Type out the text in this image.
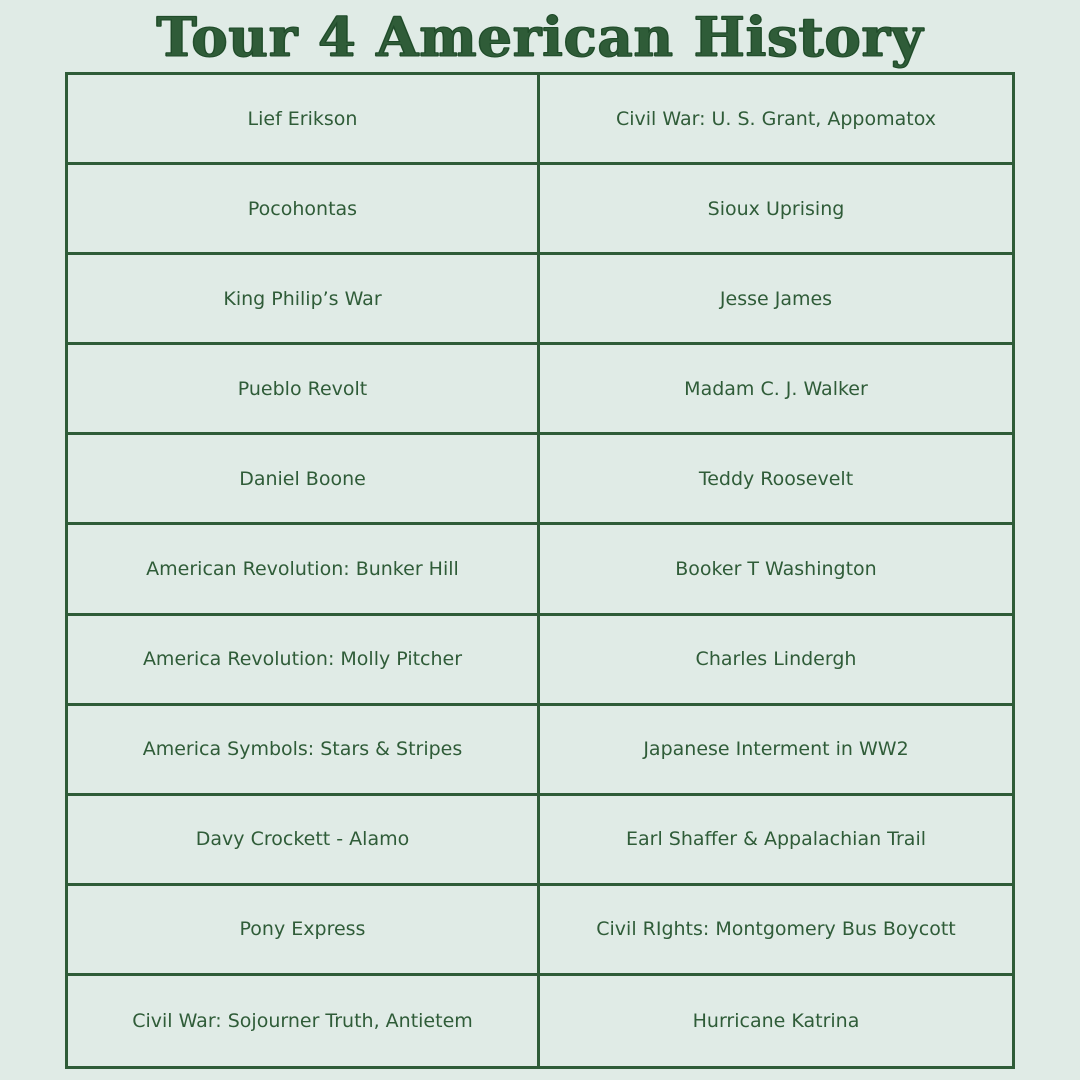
Tour 4 American History
Lief Erikson	Civil War: U. S. Grant, Appomatox
Pocohontas	Sioux Uprising
King Philip’s War	Jesse James
Pueblo Revolt	Madam C. J. Walker
Daniel Boone	Teddy Roosevelt
American Revolution: Bunker Hill	Booker T Washington
America Revolution: Molly Pitcher	Charles Lindergh
America Symbols: Stars & Stripes	Japanese Interment in WW2
Davy Crockett - Alamo	Earl Shaffer & Appalachian Trail
Pony Express	Civil RIghts: Montgomery Bus Boycott
Civil War: Sojourner Truth, Antietem	Hurricane Katrina
